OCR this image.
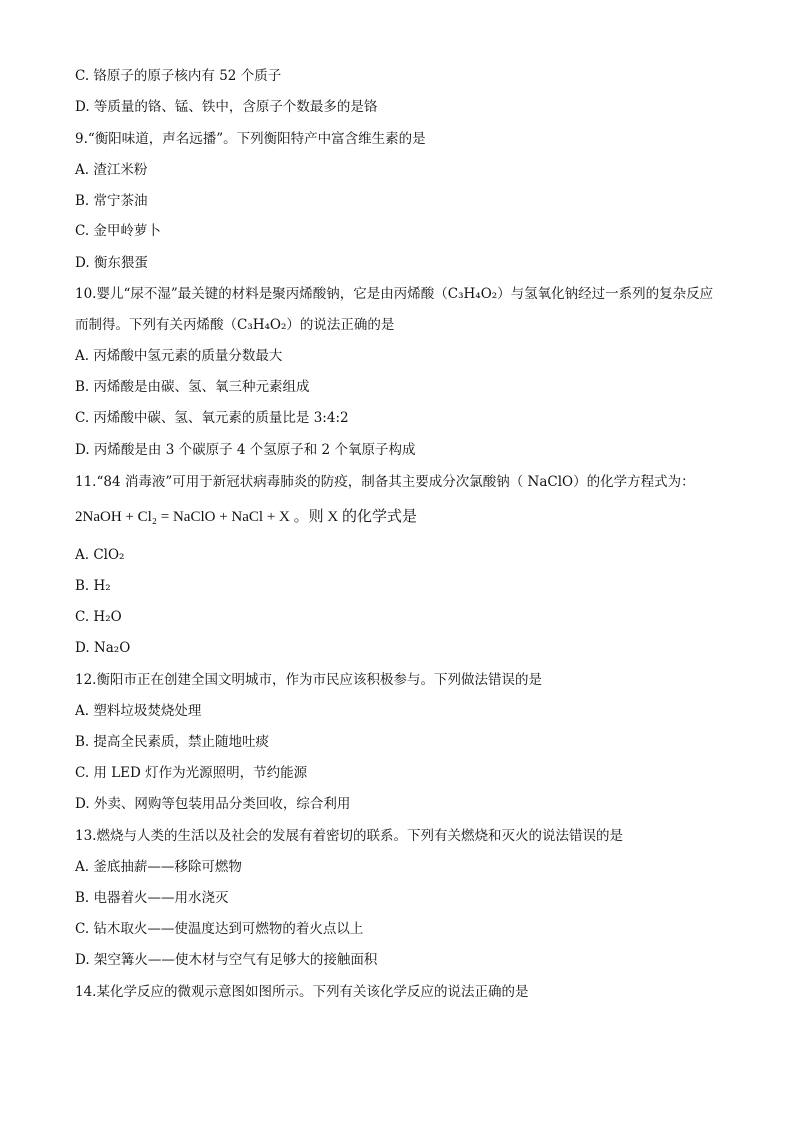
C. 铬原子的原子核内有 52 个质子
D. 等质量的铬、锰、铁中，含原子个数最多的是铬
9.“衡阳味道，声名远播”。下列衡阳特产中富含维生素的是
A. 渣江米粉
B. 常宁茶油
C. 金甲岭萝卜
D. 衡东猥蛋
10.婴儿“尿不湿”最关键的材料是聚丙烯酸钠，它是由丙烯酸（C₃H₄O₂）与氢氧化钠经过一系列的复杂反应
而制得。下列有关丙烯酸（C₃H₄O₂）的说法正确的是
A. 丙烯酸中氢元素的质量分数最大
B. 丙烯酸是由碳、氢、氧三种元素组成
C. 丙烯酸中碳、氢、氧元素的质量比是 3:4:2
D. 丙烯酸是由 3 个碳原子 4 个氢原子和 2 个氧原子构成
11.“84 消毒液”可用于新冠状病毒肺炎的防疫，制备其主要成分次氯酸钠（ NaClO）的化学方程式为：
2NaOH + Cl₂ = NaClO + NaCl + X 。则 X 的化学式是
A. ClO₂
B. H₂
C. H₂O
D. Na₂O
12.衡阳市正在创建全国文明城市，作为市民应该积极参与。下列做法错误的是
A. 塑料垃圾焚烧处理
B. 提高全民素质，禁止随地吐痰
C. 用 LED 灯作为光源照明，节约能源
D. 外卖、网购等包装用品分类回收，综合利用
13.燃烧与人类的生活以及社会的发展有着密切的联系。下列有关燃烧和灭火的说法错误的是
A. 釜底抽薪——移除可燃物
B. 电器着火——用水浇灭
C. 钻木取火——使温度达到可燃物的着火点以上
D. 架空篝火——使木材与空气有足够大的接触面积
14.某化学反应的微观示意图如图所示。下列有关该化学反应的说法正确的是
